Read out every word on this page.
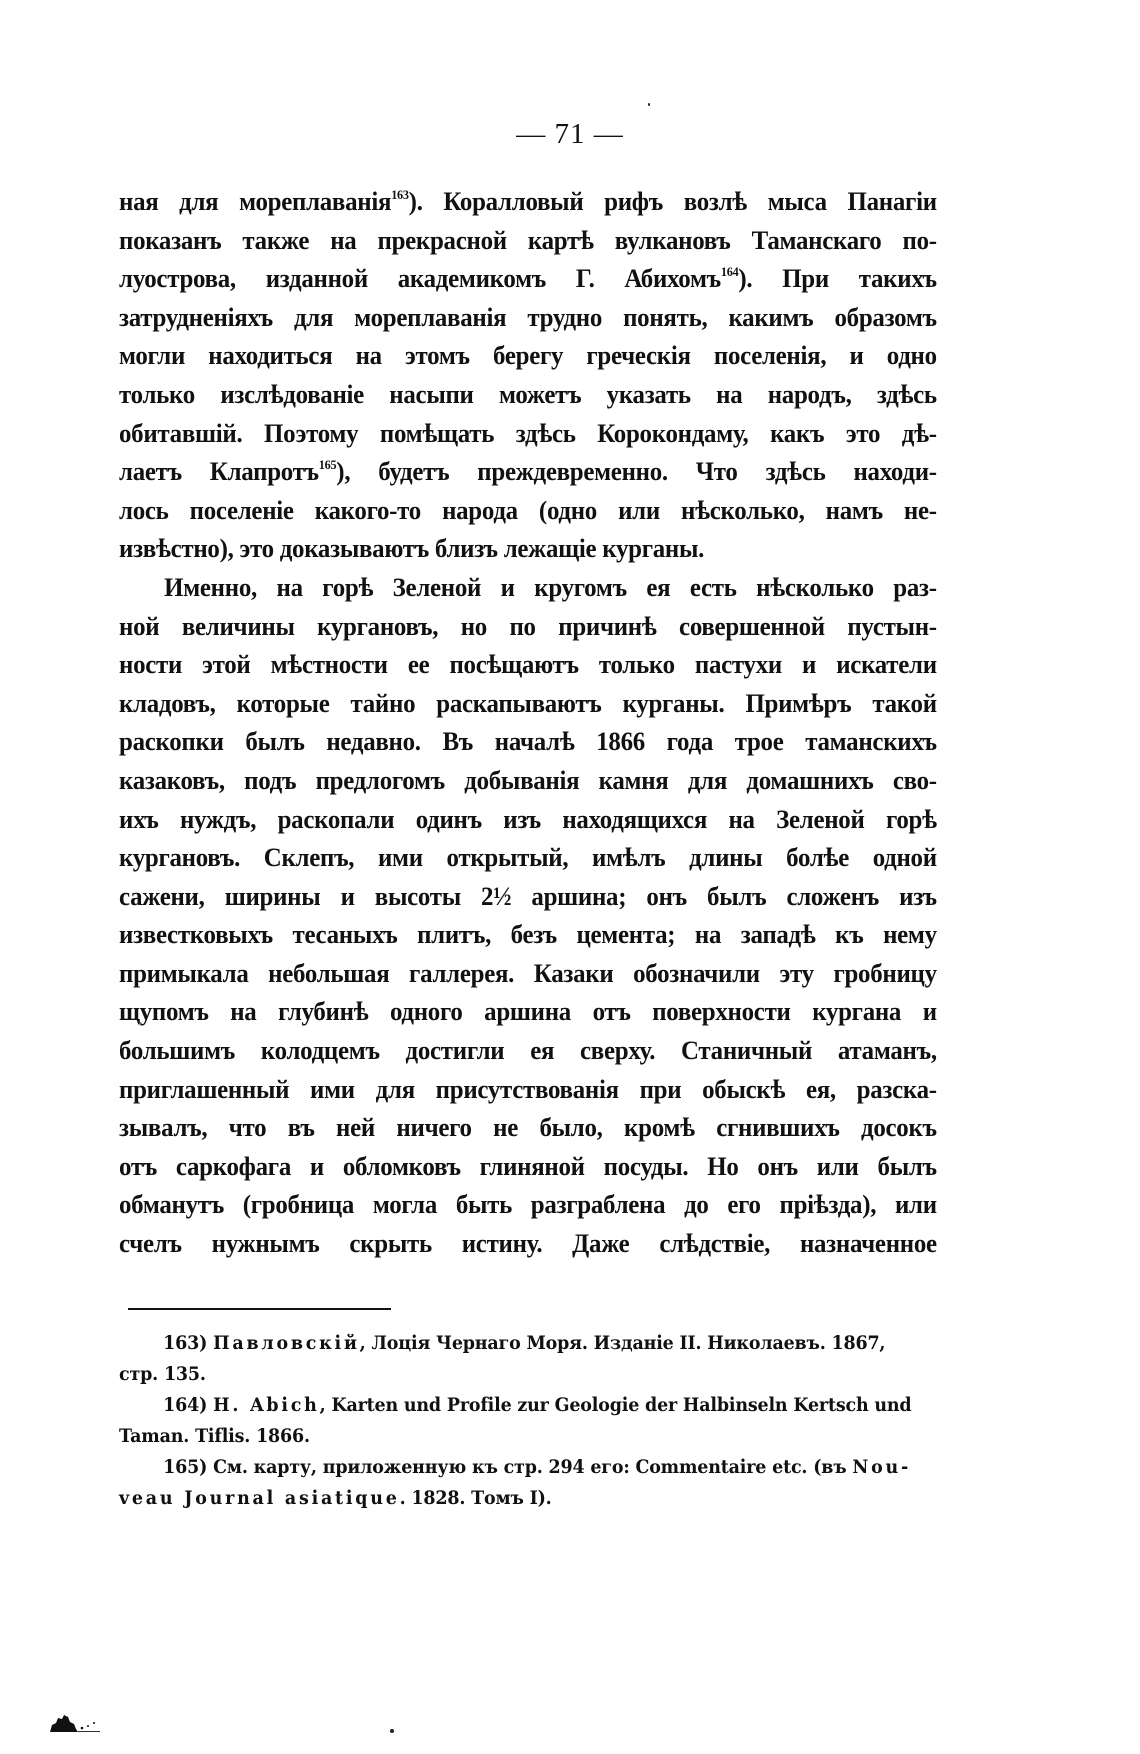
— 71 —
ная для мореплаванія$^{163}$). Коралловый рифъ возлѣ мыса Панагіи
показанъ также на прекрасной картѣ вулкановъ Таманскаго по-
луострова, изданной академикомъ Г. Абихомъ$^{164}$). При такихъ
затрудненіяхъ для мореплаванія трудно понять, какимъ образомъ
могли находиться на этомъ берегу греческія поселенія, и одно
только изслѣдованіе насыпи можетъ указать на народъ, здѣсь
обитавшій. Поэтому помѣщать здѣсь Корокондаму, какъ это дѣ-
лаетъ Клапротъ$^{165}$), будетъ преждевременно. Что здѣсь находи-
лось поселеніе какого-то народа (одно или нѣсколько, намъ не-
извѣстно), это доказываютъ близъ лежащіе курганы.
Именно, на горѣ Зеленой и кругомъ ея есть нѣсколько раз-
ной величины кургановъ, но по причинѣ совершенной пустын-
ности этой мѣстности ее посѣщаютъ только пастухи и искатели
кладовъ, которые тайно раскапываютъ курганы. Примѣръ такой
раскопки былъ недавно. Въ началѣ 1866 года трое таманскихъ
казаковъ, подъ предлогомъ добыванія камня для домашнихъ сво-
ихъ нуждъ, раскопали одинъ изъ находящихся на Зеленой горѣ
кургановъ. Склепъ, ими открытый, имѣлъ длины болѣе одной
сажени, ширины и высоты 2½ аршина; онъ былъ сложенъ изъ
известковыхъ тесаныхъ плитъ, безъ цемента; на западѣ къ нему
примыкала небольшая галлерея. Казаки обозначили эту гробницу
щупомъ на глубинѣ одного аршина отъ поверхности кургана и
большимъ колодцемъ достигли ея сверху. Станичный атаманъ,
приглашенный ими для присутствованія при обыскѣ ея, разска-
зывалъ, что въ ней ничего не было, кромѣ сгнившихъ досокъ
отъ саркофага и обломковъ глиняной посуды. Но онъ или былъ
обманутъ (гробница могла быть разграблена до его пріѣзда), или
счелъ нужнымъ скрыть истину. Даже слѣдствіе, назначенное
163) Павловскій, Лоція Чернаго Моря. Изданіе II. Николаевъ. 1867,
стр. 135.
164) H. Abich, Karten und Profile zur Geologie der Halbinseln Kertsch und
Taman. Tiflis. 1866.
165) См. карту, приложенную къ стр. 294 его: Commentaire etc. (въ Nou-
veau Journal asiatique. 1828. Томъ I).
